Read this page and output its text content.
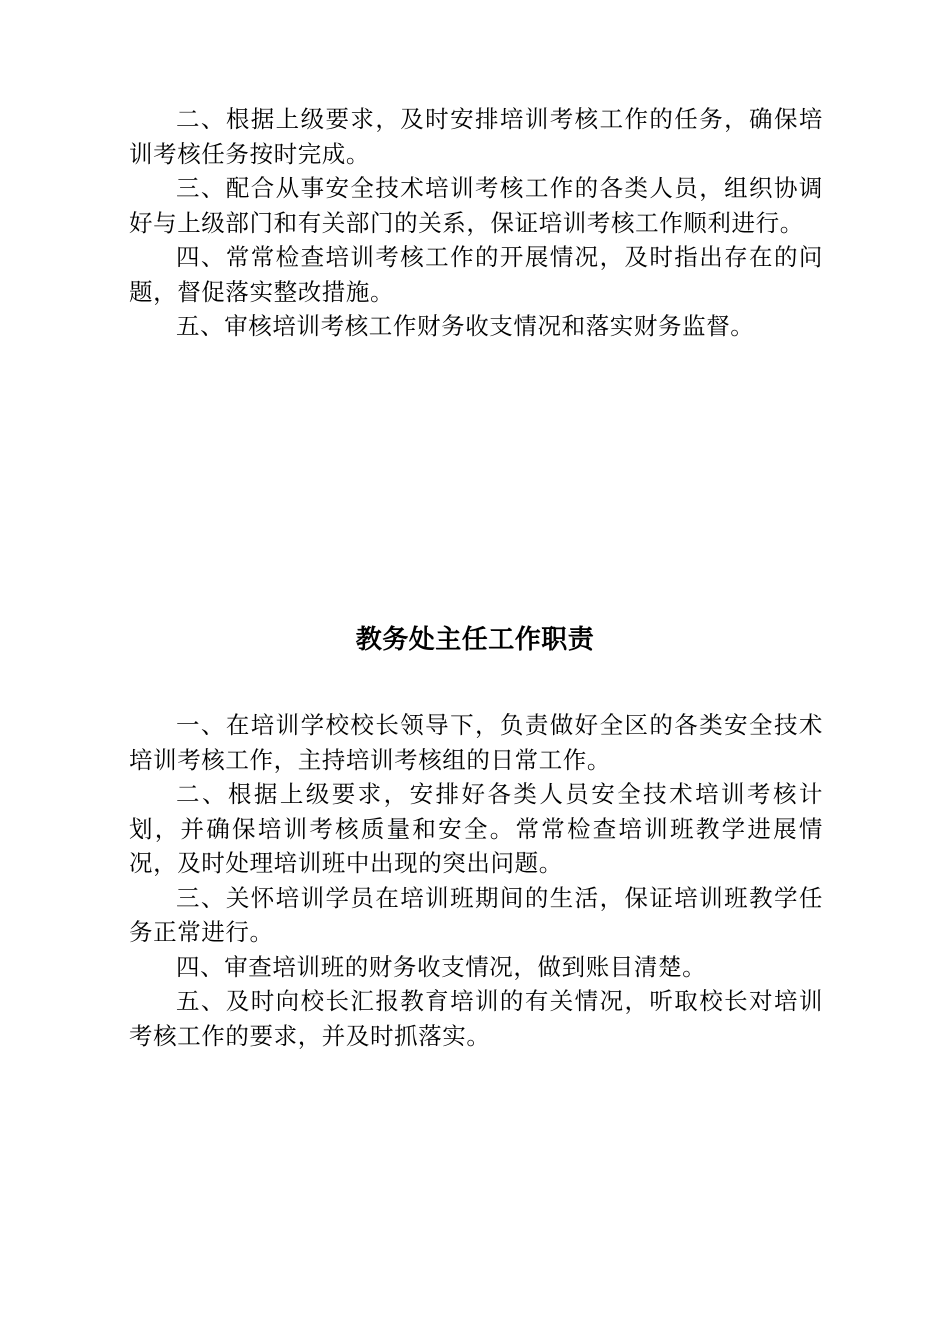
二、根据上级要求，及时安排培训考核工作的任务，确保培训考核任务按时完成。

三、配合从事安全技术培训考核工作的各类人员，组织协调好与上级部门和有关部门的关系，保证培训考核工作顺利进行。

四、常常检查培训考核工作的开展情况，及时指出存在的问题，督促落实整改措施。

五、审核培训考核工作财务收支情况和落实财务监督。

教务处主任工作职责

一、在培训学校校长领导下，负责做好全区的各类安全技术培训考核工作，主持培训考核组的日常工作。

二、根据上级要求，安排好各类人员安全技术培训考核计划，并确保培训考核质量和安全。常常检查培训班教学进展情况，及时处理培训班中出现的突出问题。

三、关怀培训学员在培训班期间的生活，保证培训班教学任务正常进行。

四、审查培训班的财务收支情况，做到账目清楚。

五、及时向校长汇报教育培训的有关情况，听取校长对培训考核工作的要求，并及时抓落实。
